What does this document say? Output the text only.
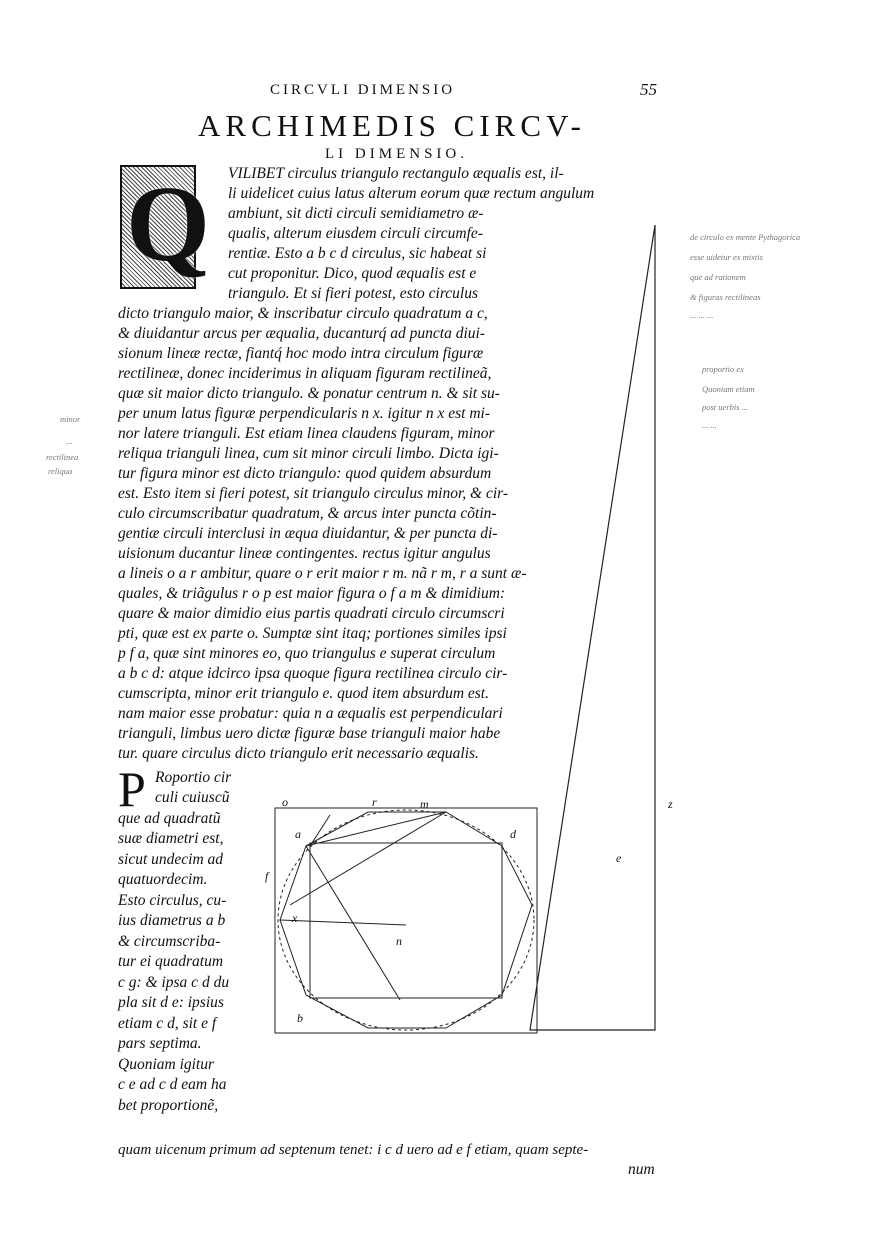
CIRCVLI DIMENSIO	55
ARCHIMEDIS CIRCV-
LI DIMENSIO.
Q VILIBET circulus triangulo rectangulo æqualis est, il-
li uidelicet cuius latus alterum eorum quæ rectum angulum
ambiunt, sit dicti circuli semidiametro æ-
qualis, alterum eiusdem circuli circumfe-
rentiæ. Esto a b c d circulus, sic habeat si
cut proponitur. Dico, quod æqualis est e
triangulo. Et si fieri potest, esto circulus
dicto triangulo maior, & inscribatur circulo quadratum a c,
& diuidantur arcus per æqualia, ducanturq́ ad puncta diui-
sionum lineæ rectæ, fiantq́ hoc modo intra circulum figuræ
rectilineæ, donec inciderimus in aliquam figuram rectilineã,
quæ sit maior dicto triangulo. & ponatur centrum n. & sit su-
per unum latus figuræ perpendicularis n x. igitur n x est mi-
nor latere trianguli. Est etiam linea claudens figuram, minor
reliqua trianguli linea, cum sit minor circuli limbo. Dicta igi-
tur figura minor est dicto triangulo: quod quidem absurdum
est. Esto item si fieri potest, sit triangulo circulus minor, & cir-
culo circumscribatur quadratum, & arcus inter puncta cõtin-
gentiæ circuli interclusi in æqua diuidantur, & per puncta di-
uisionum ducantur lineæ contingentes. rectus igitur angulus
a lineis o a r ambitur, quare o r erit maior r m. nã r m, r a sunt æ-
quales, & triãgulus r o p est maior figura o f a m & dimidium:
quare & maior dimidio eius partis quadrati circulo circumscri
pti, quæ est ex parte o. Sumptæ sint itaq; portiones similes ipsi
p f a, quæ sint minores eo, quo triangulus e superat circulum
a b c d: atque idcirco ipsa quoque figura rectilinea circulo cir-
cumscripta, minor erit triangulo e. quod item absurdum est.
nam maior esse probatur: quia n a æqualis est perpendiculari
trianguli, limbus uero dictæ figuræ base trianguli maior habe
tur. quare circulus dicto triangulo erit necessario æqualis.
P Roportio cir
culi cuiuscũ
que ad quadratũ
suæ diametri est,
sicut undecim ad
quatuordecim.
Esto circulus, cu-
ius diametrus a b
& circumscriba-
tur ei quadratum
c g: & ipsa c d du
pla sit d e: ipsius
etiam c d, sit e f
pars septima.
Quoniam igitur
c e ad c d eam ha
bet proportionẽ,
quam uicenum primum ad septenum tenet: i c d uero ad e f etiam, quam septe-
num
o	r	m
a	d
f
x
n
b
z
e
de circulo ex mente Pythagorica
esse uidetur ex mixtis
que ad rationem
& figuras rectilineas
... ... ...
proportio ex
Quoniam etiam
post uerbis ...
... ...
minor
...
rectilinea
reliqua
